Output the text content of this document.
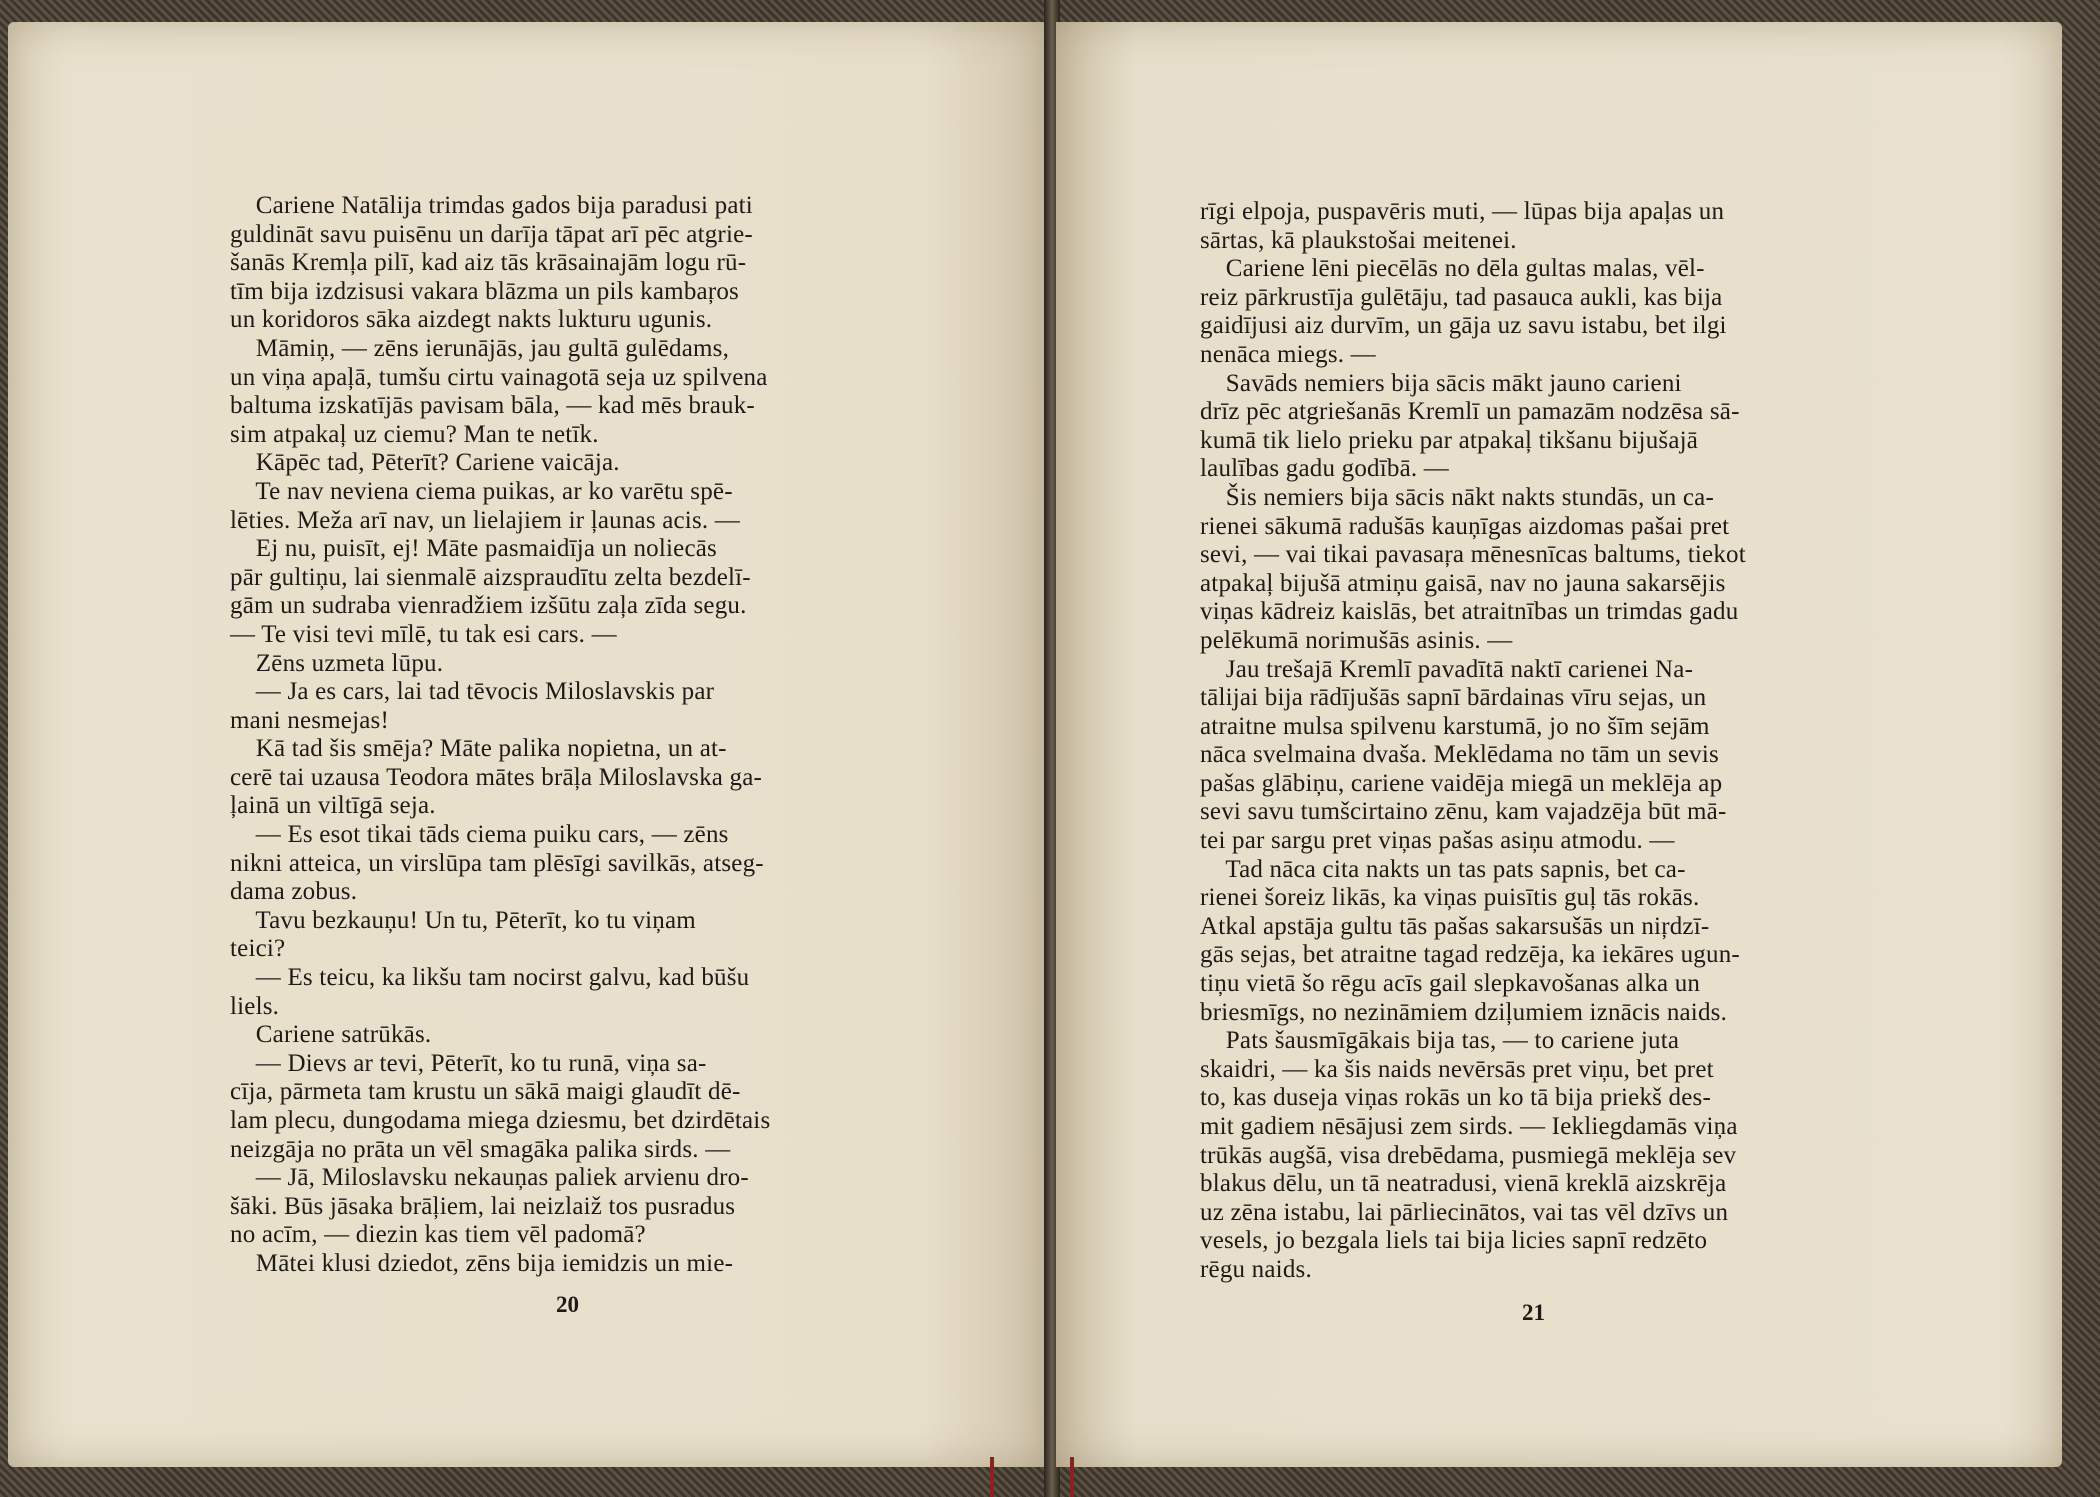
Cariene Natālija trimdas gados bija paradusi pati
guldināt savu puisēnu un darīja tāpat arī pēc atgrie-
šanās Kremļa pilī, kad aiz tās krāsainajām logu rū-
tīm bija izdzisusi vakara blāzma un pils kambaŗos
un koridoros sāka aizdegt nakts lukturu ugunis.
Māmiņ, — zēns ierunājās, jau gultā gulēdams,
un viņa apaļā, tumšu cirtu vainagotā seja uz spilvena
baltuma izskatījās pavisam bāla, — kad mēs brauk-
sim atpakaļ uz ciemu? Man te netīk.
Kāpēc tad, Pēterīt? Cariene vaicāja.
Te nav neviena ciema puikas, ar ko varētu spē-
lēties. Meža arī nav, un lielajiem ir ļaunas acis. —
Ej nu, puisīt, ej! Māte pasmaidīja un noliecās
pār gultiņu, lai sienmalē aizspraudītu zelta bezdelī-
gām un sudraba vienradžiem izšūtu zaļa zīda segu.
— Te visi tevi mīlē, tu tak esi cars. —
Zēns uzmeta lūpu.
— Ja es cars, lai tad tēvocis Miloslavskis par
mani nesmejas!
Kā tad šis smēja? Māte palika nopietna, un at-
cerē tai uzausa Teodora mātes brāļa Miloslavska ga-
ļainā un viltīgā seja.
— Es esot tikai tāds ciema puiku cars, — zēns
nikni atteica, un virslūpa tam plēsīgi savilkās, atseg-
dama zobus.
Tavu bezkauņu! Un tu, Pēterīt, ko tu viņam
teici?
— Es teicu, ka likšu tam nocirst galvu, kad būšu
liels.
Cariene satrūkās.
— Dievs ar tevi, Pēterīt, ko tu runā, viņa sa-
cīja, pārmeta tam krustu un sākā maigi glaudīt dē-
lam plecu, dungodama miega dziesmu, bet dzirdētais
neizgāja no prāta un vēl smagāka palika sirds. —
— Jā, Miloslavsku nekauņas paliek arvienu dro-
šāki. Būs jāsaka brāļiem, lai neizlaiž tos pusradus
no acīm, — diezin kas tiem vēl padomā?
Mātei klusi dziedot, zēns bija iemidzis un mie-
20
rīgi elpoja, puspavēris muti, — lūpas bija apaļas un
sārtas, kā plaukstošai meitenei.
Cariene lēni piecēlās no dēla gultas malas, vēl-
reiz pārkrustīja gulētāju, tad pasauca aukli, kas bija
gaidījusi aiz durvīm, un gāja uz savu istabu, bet ilgi
nenāca miegs. —
Savāds nemiers bija sācis mākt jauno carieni
drīz pēc atgriešanās Kremlī un pamazām nodzēsa sā-
kumā tik lielo prieku par atpakaļ tikšanu bijušajā
laulības gadu godībā. —
Šis nemiers bija sācis nākt nakts stundās, un ca-
rienei sākumā radušās kauņīgas aizdomas pašai pret
sevi, — vai tikai pavasaŗa mēnesnīcas baltums, tiekot
atpakaļ bijušā atmiņu gaisā, nav no jauna sakarsējis
viņas kādreiz kaislās, bet atraitnības un trimdas gadu
pelēkumā norimušās asinis. —
Jau trešajā Kremlī pavadītā naktī carienei Na-
tālijai bija rādījušās sapnī bārdainas vīru sejas, un
atraitne mulsa spilvenu karstumā, jo no šīm sejām
nāca svelmaina dvaša. Meklēdama no tām un sevis
pašas glābiņu, cariene vaidēja miegā un meklēja ap
sevi savu tumšcirtaino zēnu, kam vajadzēja būt mā-
tei par sargu pret viņas pašas asiņu atmodu. —
Tad nāca cita nakts un tas pats sapnis, bet ca-
rienei šoreiz likās, ka viņas puisītis guļ tās rokās.
Atkal apstāja gultu tās pašas sakarsušās un niŗdzī-
gās sejas, bet atraitne tagad redzēja, ka iekāres ugun-
tiņu vietā šo rēgu acīs gail slepkavošanas alka un
briesmīgs, no nezināmiem dziļumiem iznācis naids.
Pats šausmīgākais bija tas, — to cariene juta
skaidri, — ka šis naids nevērsās pret viņu, bet pret
to, kas duseja viņas rokās un ko tā bija priekš des-
mit gadiem nēsājusi zem sirds. — Iekliegdamās viņa
trūkās augšā, visa drebēdama, pusmiegā meklēja sev
blakus dēlu, un tā neatradusi, vienā kreklā aizskrēja
uz zēna istabu, lai pārliecinātos, vai tas vēl dzīvs un
vesels, jo bezgala liels tai bija licies sapnī redzēto
rēgu naids.
21
